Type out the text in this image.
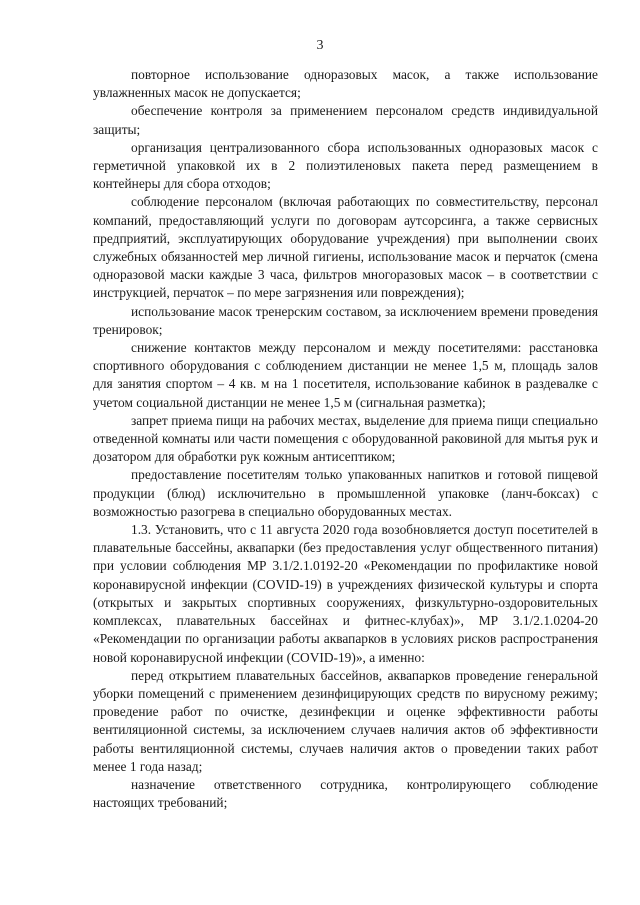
3

повторное использование одноразовых масок, а также использование увлажненных масок не допускается;

обеспечение контроля за применением персоналом средств индивидуальной защиты;

организация централизованного сбора использованных одноразовых масок с герметичной упаковкой их в 2 полиэтиленовых пакета перед размещением в контейнеры для сбора отходов;

соблюдение персоналом (включая работающих по совместительству, персонал компаний, предоставляющий услуги по договорам аутсорсинга, а также сервисных предприятий, эксплуатирующих оборудование учреждения) при выполнении своих служебных обязанностей мер личной гигиены, использование масок и перчаток (смена одноразовой маски каждые 3 часа, фильтров многоразовых масок – в соответствии с инструкцией, перчаток – по мере загрязнения или повреждения);

использование масок тренерским составом, за исключением времени проведения тренировок;

снижение контактов между персоналом и между посетителями: расстановка спортивного оборудования с соблюдением дистанции не менее 1,5 м, площадь залов для занятия спортом – 4 кв. м на 1 посетителя, использование кабинок в раздевалке с учетом социальной дистанции не менее 1,5 м (сигнальная разметка);

запрет приема пищи на рабочих местах, выделение для приема пищи специально отведенной комнаты или части помещения с оборудованной раковиной для мытья рук и дозатором для обработки рук кожным антисептиком;

предоставление посетителям только упакованных напитков и готовой пищевой продукции (блюд) исключительно в промышленной упаковке (ланч-боксах) с возможностью разогрева в специально оборудованных местах.

1.3. Установить, что с 11 августа 2020 года возобновляется доступ посетителей в плавательные бассейны, аквапарки (без предоставления услуг общественного питания) при условии соблюдения МР 3.1/2.1.0192-20 «Рекомендации по профилактике новой коронавирусной инфекции (COVID-19) в учреждениях физической культуры и спорта (открытых и закрытых спортивных сооружениях, физкультурно-оздоровительных комплексах, плавательных бассейнах и фитнес-клубах)», МР 3.1/2.1.0204-20 «Рекомендации по организации работы аквапарков в условиях рисков распространения новой коронавирусной инфекции (COVID-19)», а именно:

перед открытием плавательных бассейнов, аквапарков проведение генеральной уборки помещений с применением дезинфицирующих средств по вирусному режиму; проведение работ по очистке, дезинфекции и оценке эффективности работы вентиляционной системы, за исключением случаев наличия актов об эффективности работы вентиляционной системы, случаев наличия актов о проведении таких работ менее 1 года назад;

назначение ответственного сотрудника, контролирующего соблюдение настоящих требований;
